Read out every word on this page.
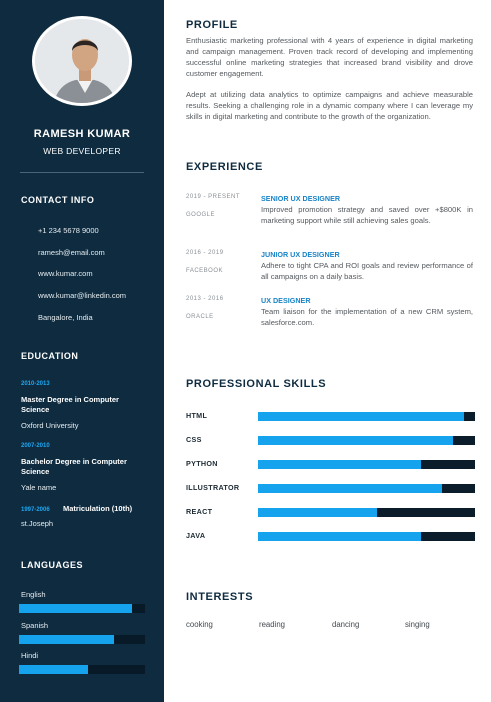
RAMESH KUMAR
WEB DEVELOPER
CONTACT INFO
+1 234 5678 9000
ramesh@email.com
www.kumar.com
www.kumar@linkedin.com
Bangalore, India
EDUCATION
2010-2013
Master Degree in Computer Science
Oxford University
2007-2010
Bachelor Degree in Computer Science
Yale name
1997-2006 Matriculation (10th)
st.Joseph
LANGUAGES
English
Spanish
Hindi
PROFILE
Enthusiastic marketing professional with 4 years of experience in digital marketing and campaign management. Proven track record of developing and implementing successful online marketing strategies that increased brand visibility and drove customer engagement.
Adept at utilizing data analytics to optimize campaigns and achieve measurable results. Seeking a challenging role in a dynamic company where I can leverage my skills in digital marketing and contribute to the growth of the organization.
EXPERIENCE
2019 - PRESENT
GOOGLE
SENIOR UX DESIGNER
Improved promotion strategy and saved over +$800K in marketing support while still achieving sales goals.
2016 - 2019
FACEBOOK
JUNIOR UX DESIGNER
Adhere to tight CPA and ROI goals and review performance of all campaigns on a daily basis.
2013 - 2016
ORACLE
UX DESIGNER
Team liaison for the implementation of a new CRM system, salesforce.com.
PROFESSIONAL SKILLS
HTML
CSS
PYTHON
ILLUSTRATOR
REACT
JAVA
INTERESTS
cooking	reading	dancing	singing
